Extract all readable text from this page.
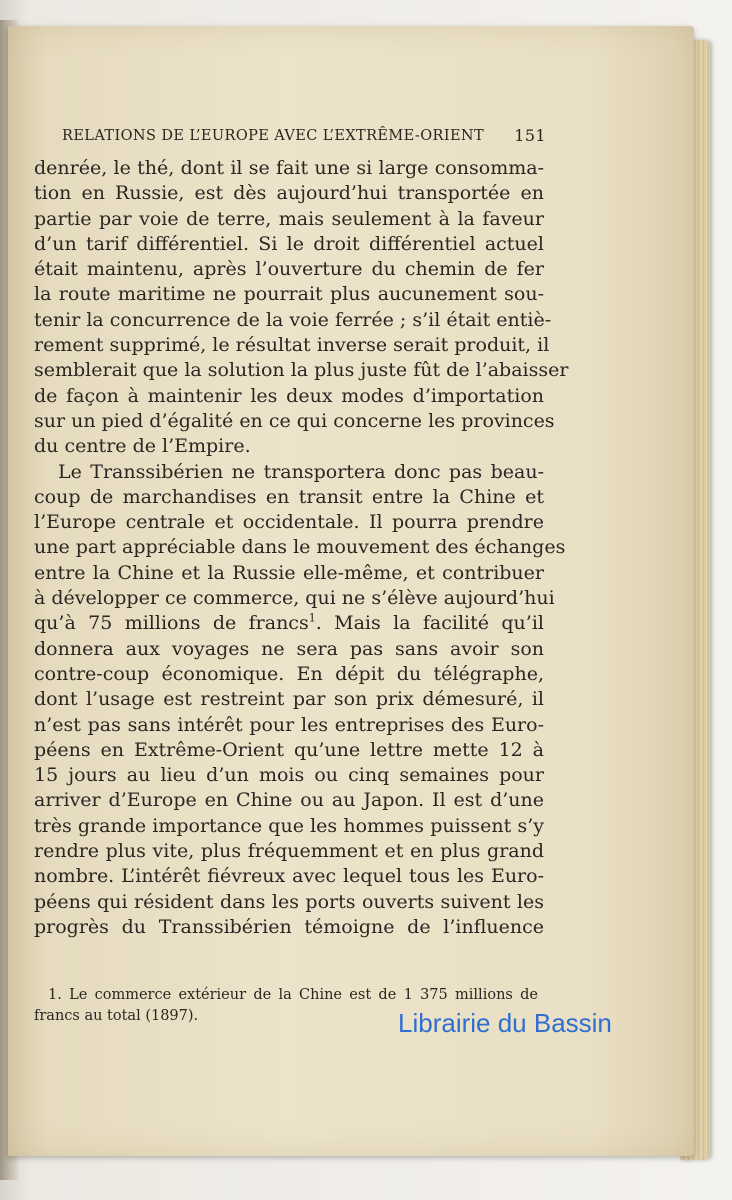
RELATIONS DE L’EUROPE AVEC L’EXTRÊME-ORIENT 151
denrée, le thé, dont il se fait une si large consomma-
tion en Russie, est dès aujourd’hui transportée en
partie par voie de terre, mais seulement à la faveur
d’un tarif différentiel. Si le droit différentiel actuel
était maintenu, après l’ouverture du chemin de fer
la route maritime ne pourrait plus aucunement sou-
tenir la concurrence de la voie ferrée ; s’il était entiè-
rement supprimé, le résultat inverse serait produit, il
semblerait que la solution la plus juste fût de l’abaisser
de façon à maintenir les deux modes d’importation
sur un pied d’égalité en ce qui concerne les provinces
du centre de l’Empire.
Le Transsibérien ne transportera donc pas beau-
coup de marchandises en transit entre la Chine et
l’Europe centrale et occidentale. Il pourra prendre
une part appréciable dans le mouvement des échanges
entre la Chine et la Russie elle-même, et contribuer
à développer ce commerce, qui ne s’élève aujourd’hui
qu’à 75 millions de francs$^1$. Mais la facilité qu’il
donnera aux voyages ne sera pas sans avoir son
contre-coup économique. En dépit du télégraphe,
dont l’usage est restreint par son prix démesuré, il
n’est pas sans intérêt pour les entreprises des Euro-
péens en Extrême-Orient qu’une lettre mette 12 à
15 jours au lieu d’un mois ou cinq semaines pour
arriver d’Europe en Chine ou au Japon. Il est d’une
très grande importance que les hommes puissent s’y
rendre plus vite, plus fréquemment et en plus grand
nombre. L’intérêt fiévreux avec lequel tous les Euro-
péens qui résident dans les ports ouverts suivent les
progrès du Transsibérien témoigne de l’influence
1. Le commerce extérieur de la Chine est de 1 375 millions de
francs au total (1897).	Librairie du Bassin
